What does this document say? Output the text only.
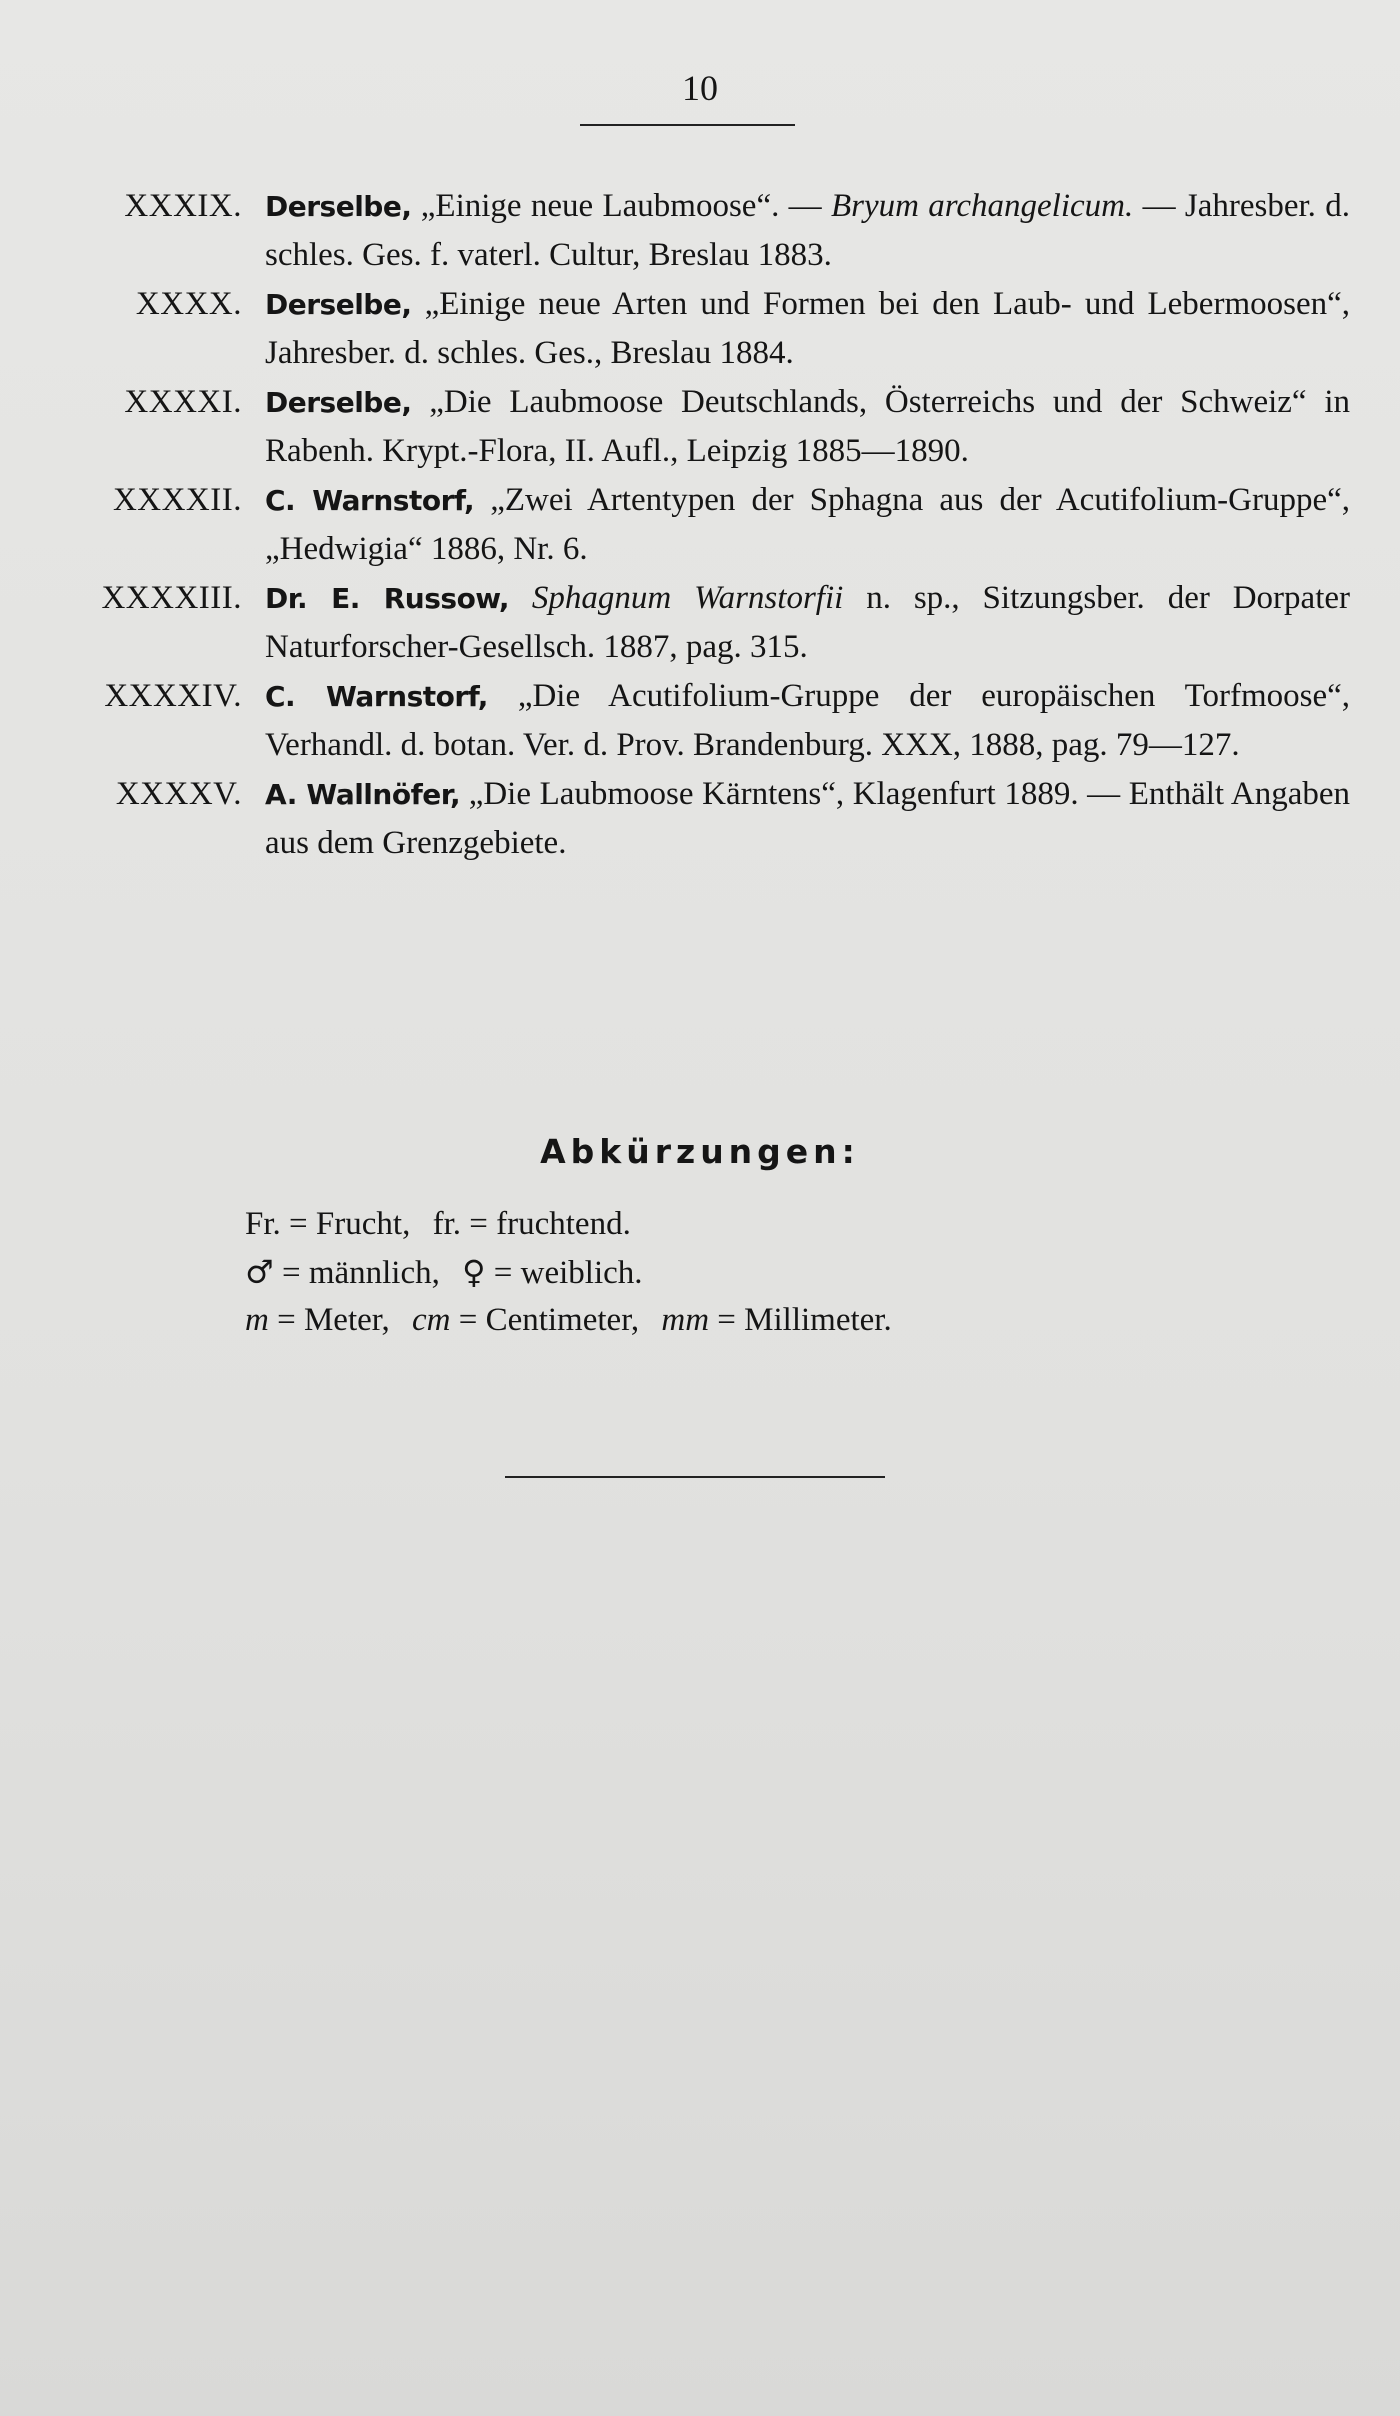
10
XXXIX. Derselbe, „Einige neue Laubmoose“. — Bryum archangelicum. — Jahresber. d. schles. Ges. f. vaterl. Cultur, Breslau 1883.
XXXX. Derselbe, „Einige neue Arten und Formen bei den Laub- und Lebermoosen“, Jahresber. d. schles. Ges., Breslau 1884.
XXXXI. Derselbe, „Die Laubmoose Deutschlands, Österreichs und der Schweiz“ in Rabenh. Krypt.-Flora, II. Aufl., Leipzig 1885—1890.
XXXXII. C. Warnstorf, „Zwei Artentypen der Sphagna aus der Acutifolium-Gruppe“, „Hedwigia“ 1886, Nr. 6.
XXXXIII. Dr. E. Russow, Sphagnum Warnstorfii n. sp., Sitzungsber. der Dorpater Naturforscher-Gesellsch. 1887, pag. 315.
XXXXIV. C. Warnstorf, „Die Acutifolium-Gruppe der europäischen Torfmoose“, Verhandl. d. botan. Ver. d. Prov. Brandenburg. XXX, 1888, pag. 79—127.
XXXXV. A. Wallnöfer, „Die Laubmoose Kärntens“, Klagenfurt 1889. — Enthält Angaben aus dem Grenzgebiete.
Abkürzungen:
Fr. = Frucht, fr. = fruchtend.
♂ = männlich, ♀ = weiblich.
m = Meter, cm = Centimeter, mm = Millimeter.
